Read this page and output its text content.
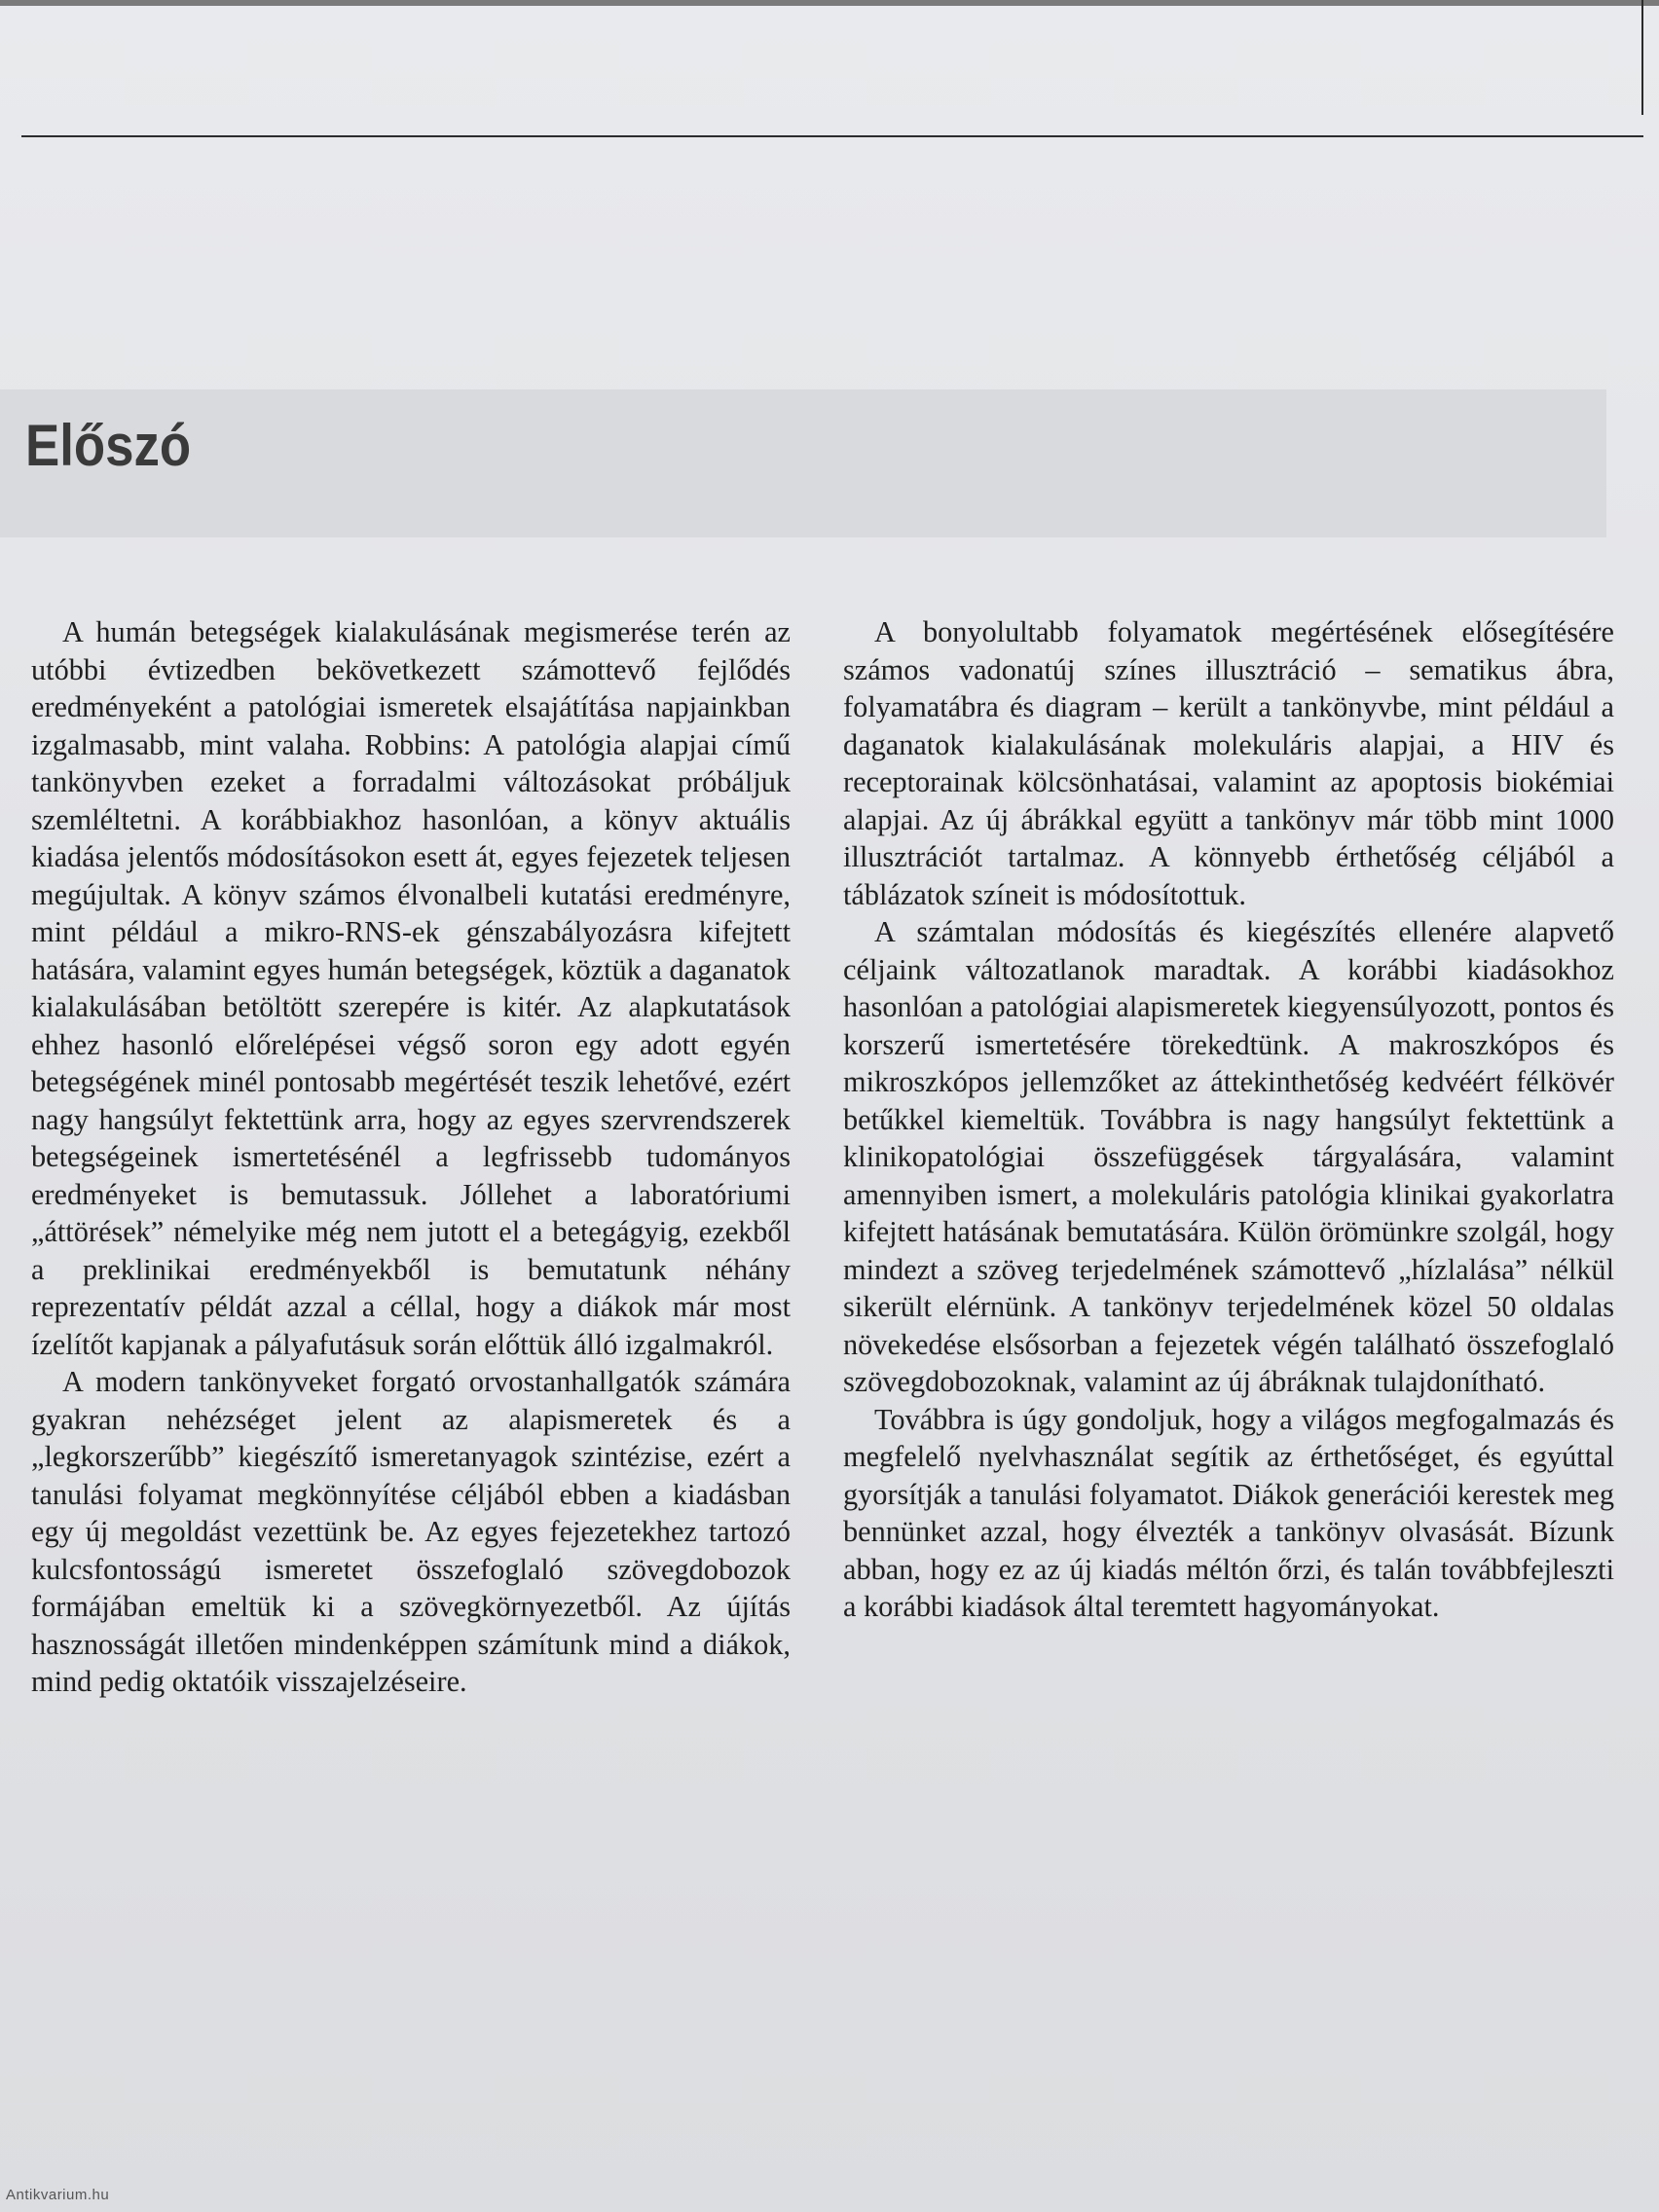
Előszó

A humán betegségek kialakulásának megismerése terén az utóbbi évtizedben bekövetkezett számottevő fejlődés eredményeként a patológiai ismeretek elsajátítása napjainkban izgalmasabb, mint valaha. Robbins: A patológia alapjai című tankönyvben ezeket a forradalmi változásokat próbáljuk szemléltetni. A korábbiakhoz hasonlóan, a könyv aktuális kiadása jelentős módosításokon esett át, egyes fejezetek teljesen megújultak. A könyv számos élvonalbeli kutatási eredményre, mint például a mikro-RNS-ek génszabályozásra kifejtett hatására, valamint egyes humán betegségek, köztük a daganatok kialakulásában betöltött szerepére is kitér. Az alapkutatások ehhez hasonló előrelépései végső soron egy adott egyén betegségének minél pontosabb megértését teszik lehetővé, ezért nagy hangsúlyt fektettünk arra, hogy az egyes szervrendszerek betegségeinek ismertetésénél a legfrissebb tudományos eredményeket is bemutassuk. Jóllehet a laboratóriumi „áttörések” némelyike még nem jutott el a betegágyig, ezekből a preklinikai eredményekből is bemutatunk néhány reprezentatív példát azzal a céllal, hogy a diákok már most ízelítőt kapjanak a pályafutásuk során előttük álló izgalmakról.

A modern tankönyveket forgató orvostanhallgatók számára gyakran nehézséget jelent az alapismeretek és a „legkorszerűbb” kiegészítő ismeretanyagok szintézise, ezért a tanulási folyamat megkönnyítése céljából ebben a kiadásban egy új megoldást vezettünk be. Az egyes fejezetekhez tartozó kulcsfontosságú ismeretet összefoglaló szövegdobozok formájában emeltük ki a szövegkörnyezetből. Az újítás hasznosságát illetően mindenképpen számítunk mind a diákok, mind pedig oktatóik visszajelzéseire.

A bonyolultabb folyamatok megértésének elősegítésére számos vadonatúj színes illusztráció – sematikus ábra, folyamatábra és diagram – került a tankönyvbe, mint például a daganatok kialakulásának molekuláris alapjai, a HIV és receptorainak kölcsönhatásai, valamint az apoptosis biokémiai alapjai. Az új ábrákkal együtt a tankönyv már több mint 1000 illusztrációt tartalmaz. A könnyebb érthetőség céljából a táblázatok színeit is módosítottuk.

A számtalan módosítás és kiegészítés ellenére alapvető céljaink változatlanok maradtak. A korábbi kiadásokhoz hasonlóan a patológiai alapismeretek kiegyensúlyozott, pontos és korszerű ismertetésére törekedtünk. A makroszkópos és mikroszkópos jellemzőket az áttekinthetőség kedvéért félkövér betűkkel kiemeltük. Továbbra is nagy hangsúlyt fektettünk a klinikopatológiai összefüggések tárgyalására, valamint amennyiben ismert, a molekuláris patológia klinikai gyakorlatra kifejtett hatásának bemutatására. Külön örömünkre szolgál, hogy mindezt a szöveg terjedelmének számottevő „hízlalása” nélkül sikerült elérnünk. A tankönyv terjedelmének közel 50 oldalas növekedése elsősorban a fejezetek végén található összefoglaló szövegdobozoknak, valamint az új ábráknak tulajdonítható.

Továbbra is úgy gondoljuk, hogy a világos megfogalmazás és megfelelő nyelvhasználat segítik az érthetőséget, és egyúttal gyorsítják a tanulási folyamatot. Diákok generációi kerestek meg bennünket azzal, hogy élvezték a tankönyv olvasását. Bízunk abban, hogy ez az új kiadás méltón őrzi, és talán továbbfejleszti a korábbi kiadások által teremtett hagyományokat.

Antikvarium.hu
